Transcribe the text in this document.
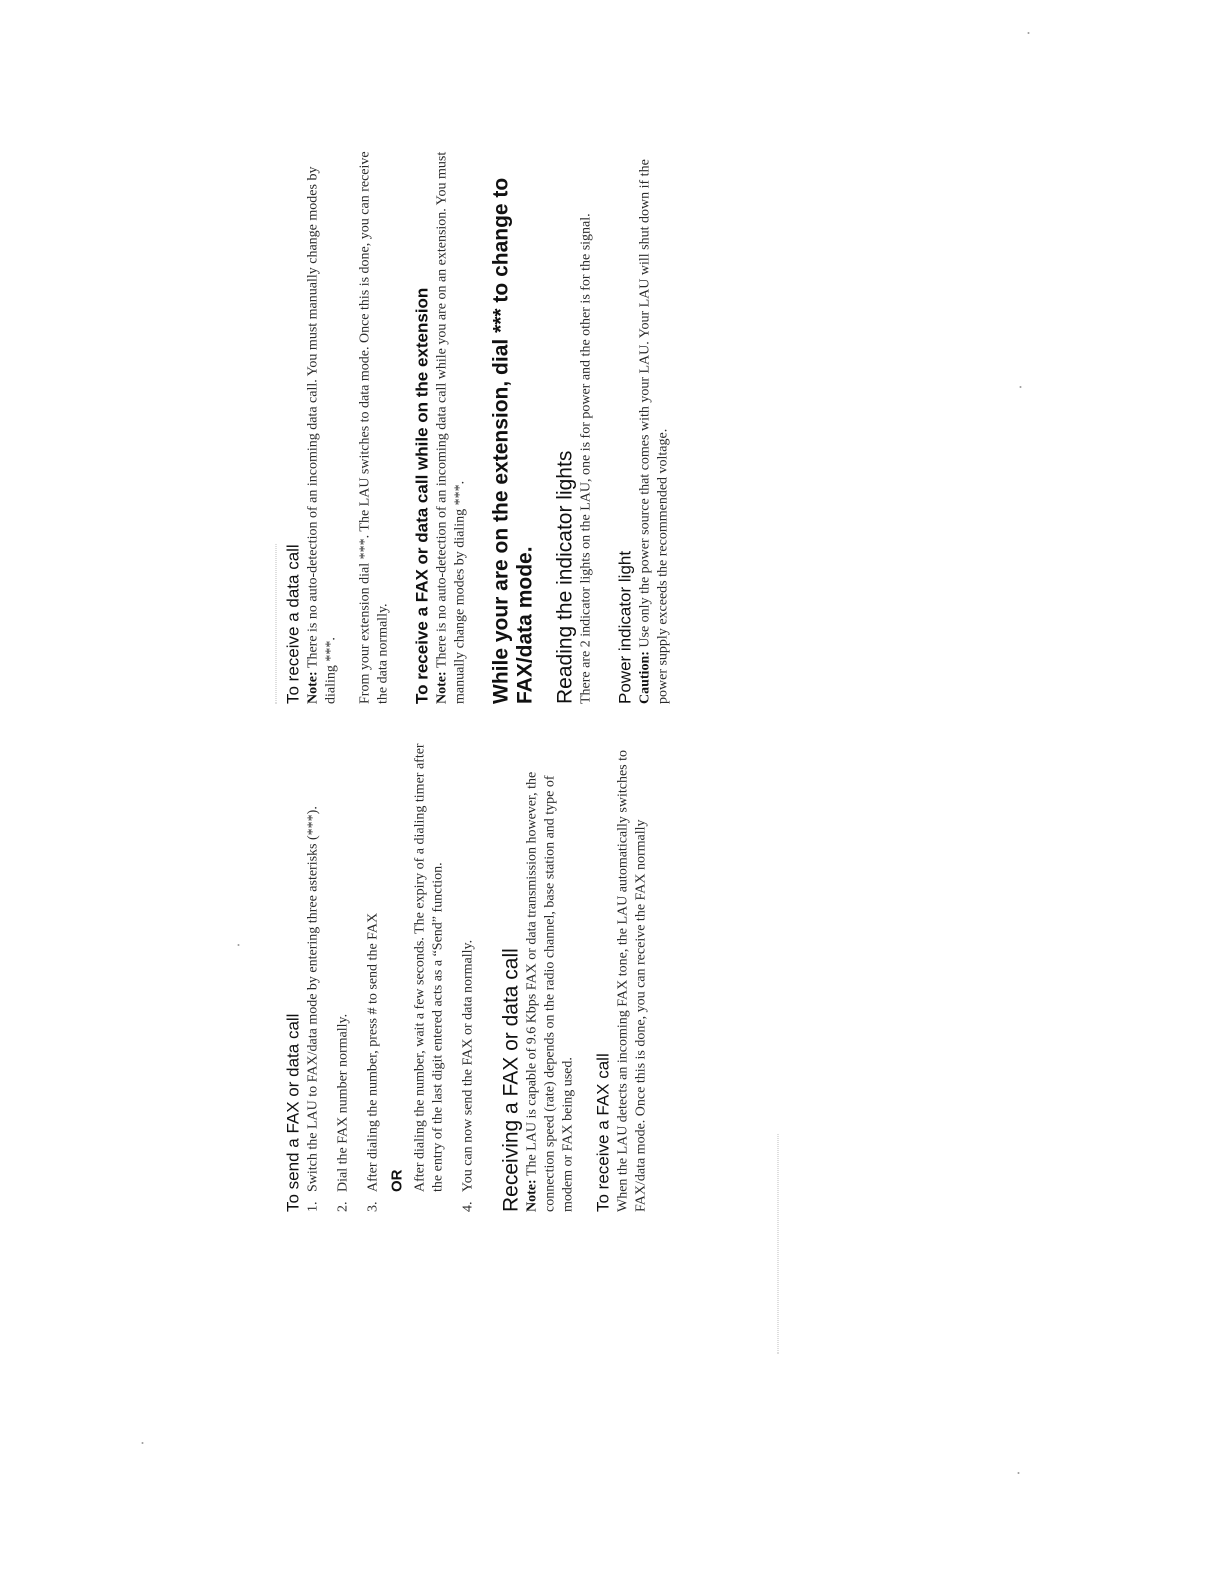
To send a FAX or data call 1.
Switch the LAU to FAX/data mode by entering three asterisks (***).
2.
Dial the FAX number normally.
3.
After dialing the number, press # to send the FAX OR After dialing the number, wait a few seconds. The expiry of a dialing timer after the entry of the last digit entered acts as a “Send” function.

4.
You can now send the FAX or data normally. Receiving a FAX or data call Note: The LAU is capable of 9.6 Kbps FAX or data transmission however, the connection speed (rate) depends on the radio channel, base station and type of modem or FAX being used. To receive a FAX call When the LAU detects an incoming FAX tone, the LAU automatically switches to FAX/data mode. Once this is done, you can receive the FAX normally

To receive a data call Note: There is no auto-detection of an incoming data call. You must manually change modes by dialing ***. From your extension dial ***. The LAU switches to data mode. Once this is done, you can receive the data normally. To receive a FAX or data call while on the extension

Note: There is no auto-detection of an incoming data call while you are on an extension. You must manually change modes by dialing ***. While your are on the extension, dial *** to change to FAX/data mode. Reading the indicator lights There are 2 indicator lights on the LAU, one is for power and the other is for the signal. Power indicator light Caution: Use only the power source that comes with your LAU. Your LAU will shut down if the power supply exceeds the recommended voltage.
